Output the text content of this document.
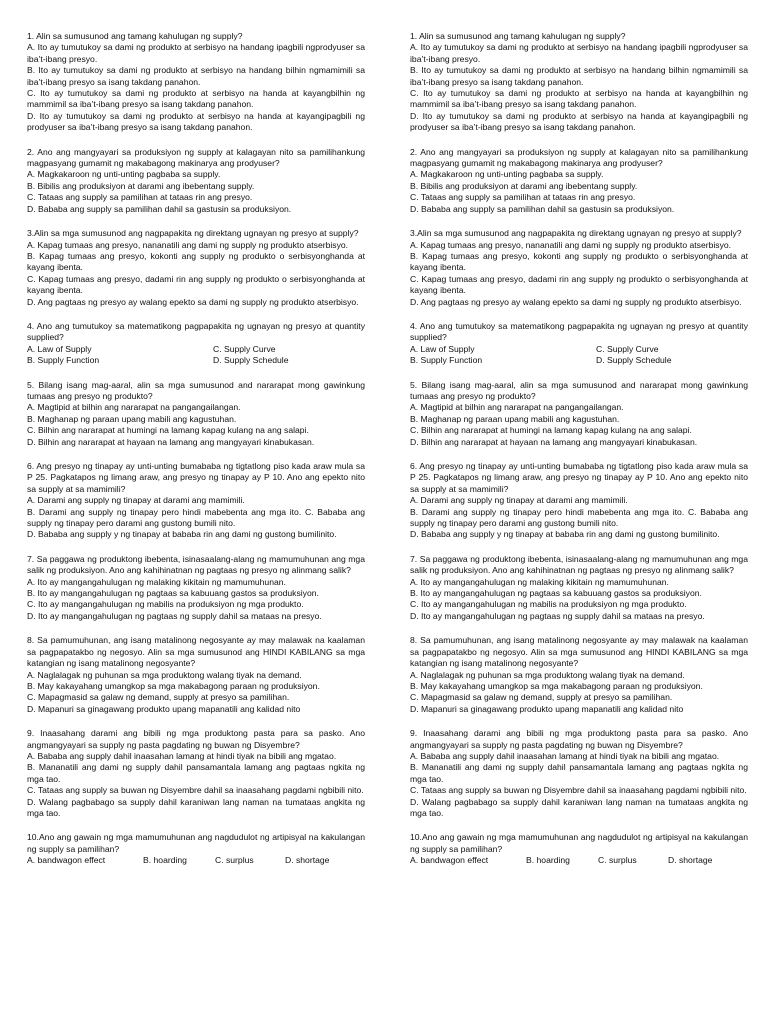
1. Alin sa sumusunod ang tamang kahulugan ng supply?

A. Ito ay tumutukoy sa dami ng produkto at serbisyo na handang ipagbili ngprodyuser sa iba’t-ibang presyo.

B. Ito ay tumutukoy sa dami ng produkto at serbisyo na handang bilhin ngmamimili sa iba’t-ibang presyo sa isang takdang panahon.

C. Ito ay tumutukoy sa dami ng produkto at serbisyo na handa at kayangbilhin ng mammimil sa iba’t-ibang presyo sa isang takdang panahon.

D. Ito ay tumutukoy sa dami ng produkto at serbisyo na handa at kayangipagbili ng prodyuser sa iba’t-ibang presyo sa isang takdang panahon.

2. Ano ang mangyayari sa produksiyon ng supply at kalagayan nito sa pamilihankung magpasyang gumamit ng makabagong makinarya ang prodyuser?

A. Magkakaroon ng unti-unting pagbaba sa supply.

B. Bibilis ang produksiyon at darami ang ibebentang supply.

C. Tataas ang supply sa pamilihan at tataas rin ang presyo.

D. Bababa ang supply sa pamilihan dahil sa gastusin sa produksiyon.

3.Alin sa mga sumusunod ang nagpapakita ng direktang ugnayan ng presyo at supply?

A. Kapag tumaas ang presyo, nananatili ang dami ng supply ng produkto atserbisyo.

B. Kapag tumaas ang presyo, kokonti ang supply ng produkto o serbisyonghanda at kayang ibenta.

C. Kapag tumaas ang presyo, dadami rin ang supply ng produkto o serbisyonghanda at kayang ibenta.

D. Ang pagtaas ng presyo ay walang epekto sa dami ng supply ng produkto atserbisyo.

4. Ano ang tumutukoy sa matematikong pagpapakita ng ugnayan ng presyo at quantity supplied?

A. Law of Supply	C. Supply Curve
B. Supply Function	D. Supply Schedule

5. Bilang isang mag-aaral, alin sa mga sumusunod and nararapat mong gawinkung tumaas ang presyo ng produkto?

A. Magtipid at bilhin ang nararapat na pangangailangan.

B. Maghanap ng paraan upang mabili ang kagustuhan.

C. Bilhin ang nararapat at humingi na lamang kapag kulang na ang salapi.

D. Bilhin ang nararapat at hayaan na lamang ang mangyayari kinabukasan.

6. Ang presyo ng tinapay ay unti-unting bumababa ng tigtatlong piso kada araw mula sa P 25. Pagkatapos ng limang araw, ang presyo ng tinapay ay P 10. Ano ang epekto nito sa supply at sa mamimili?

A. Darami ang supply ng tinapay at darami ang mamimili.

B. Darami ang supply ng tinapay pero hindi mabebenta ang mga ito. C. Bababa ang supply ng tinapay pero darami ang gustong bumili nito.

D. Bababa ang supply y ng tinapay at bababa rin ang dami ng gustong bumilinito.

7. Sa paggawa ng produktong ibebenta, isinasaalang-alang ng mamumuhunan ang mga salik ng produksiyon. Ano ang kahihinatnan ng pagtaas ng presyo ng alinmang salik?

A. Ito ay mangangahulugan ng malaking kikitain ng mamumuhunan.

B. Ito ay mangangahulugan ng pagtaas sa kabuuang gastos sa produksiyon.

C. Ito ay mangangahulugan ng mabilis na produksiyon ng mga produkto.

D. Ito ay mangangahulugan ng pagtaas ng supply dahil sa mataas na presyo.

8. Sa pamumuhunan, ang isang matalinong negosyante ay may malawak na kaalaman sa pagpapatakbo ng negosyo. Alin sa mga sumusunod ang HINDI KABILANG sa mga katangian ng isang matalinong negosyante?

A. Naglalagak ng puhunan sa mga produktong walang tiyak na demand.

B. May kakayahang umangkop sa mga makabagong paraan ng produksiyon.

C. Mapagmasid sa galaw ng demand, supply at presyo sa pamilihan.

D. Mapanuri sa ginagawang produkto upang mapanatili ang kalidad nito

9. Inaasahang darami ang bibili ng mga produktong pasta para sa pasko. Ano angmangyayari sa supply ng pasta pagdating ng buwan ng Disyembre?

A. Bababa ang supply dahil inaasahan lamang at hindi tiyak na bibili ang mgatao.

B. Mananatili ang dami ng supply dahil pansamantala lamang ang pagtaas ngkita ng mga tao.

C. Tataas ang supply sa buwan ng Disyembre dahil sa inaasahang pagdami ngbibili nito.

D. Walang pagbabago sa supply dahil karaniwan lang naman na tumataas angkita ng mga tao.

10.Ano ang gawain ng mga mamumuhunan ang nagdudulot ng artipisyal na kakulangan ng supply sa pamilihan?

A. bandwagon effect	B. hoarding	C. surplus	D. shortage

1. Alin sa sumusunod ang tamang kahulugan ng supply?

A. Ito ay tumutukoy sa dami ng produkto at serbisyo na handang ipagbili ngprodyuser sa iba’t-ibang presyo.

B. Ito ay tumutukoy sa dami ng produkto at serbisyo na handang bilhin ngmamimili sa iba’t-ibang presyo sa isang takdang panahon.

C. Ito ay tumutukoy sa dami ng produkto at serbisyo na handa at kayangbilhin ng mammimil sa iba’t-ibang presyo sa isang takdang panahon.

D. Ito ay tumutukoy sa dami ng produkto at serbisyo na handa at kayangipagbili ng prodyuser sa iba’t-ibang presyo sa isang takdang panahon.

2. Ano ang mangyayari sa produksiyon ng supply at kalagayan nito sa pamilihankung magpasyang gumamit ng makabagong makinarya ang prodyuser?

A. Magkakaroon ng unti-unting pagbaba sa supply.

B. Bibilis ang produksiyon at darami ang ibebentang supply.

C. Tataas ang supply sa pamilihan at tataas rin ang presyo.

D. Bababa ang supply sa pamilihan dahil sa gastusin sa produksiyon.

3.Alin sa mga sumusunod ang nagpapakita ng direktang ugnayan ng presyo at supply?

A. Kapag tumaas ang presyo, nananatili ang dami ng supply ng produkto atserbisyo.

B. Kapag tumaas ang presyo, kokonti ang supply ng produkto o serbisyonghanda at kayang ibenta.

C. Kapag tumaas ang presyo, dadami rin ang supply ng produkto o serbisyonghanda at kayang ibenta.

D. Ang pagtaas ng presyo ay walang epekto sa dami ng supply ng produkto atserbisyo.

4. Ano ang tumutukoy sa matematikong pagpapakita ng ugnayan ng presyo at quantity supplied?

A. Law of Supply	C. Supply Curve
B. Supply Function	D. Supply Schedule

5. Bilang isang mag-aaral, alin sa mga sumusunod and nararapat mong gawinkung tumaas ang presyo ng produkto?

A. Magtipid at bilhin ang nararapat na pangangailangan.

B. Maghanap ng paraan upang mabili ang kagustuhan.

C. Bilhin ang nararapat at humingi na lamang kapag kulang na ang salapi.

D. Bilhin ang nararapat at hayaan na lamang ang mangyayari kinabukasan.

6. Ang presyo ng tinapay ay unti-unting bumababa ng tigtatlong piso kada araw mula sa P 25. Pagkatapos ng limang araw, ang presyo ng tinapay ay P 10. Ano ang epekto nito sa supply at sa mamimili?

A. Darami ang supply ng tinapay at darami ang mamimili.

B. Darami ang supply ng tinapay pero hindi mabebenta ang mga ito. C. Bababa ang supply ng tinapay pero darami ang gustong bumili nito.

D. Bababa ang supply y ng tinapay at bababa rin ang dami ng gustong bumilinito.

7. Sa paggawa ng produktong ibebenta, isinasaalang-alang ng mamumuhunan ang mga salik ng produksiyon. Ano ang kahihinatnan ng pagtaas ng presyo ng alinmang salik?

A. Ito ay mangangahulugan ng malaking kikitain ng mamumuhunan.

B. Ito ay mangangahulugan ng pagtaas sa kabuuang gastos sa produksiyon.

C. Ito ay mangangahulugan ng mabilis na produksiyon ng mga produkto.

D. Ito ay mangangahulugan ng pagtaas ng supply dahil sa mataas na presyo.

8. Sa pamumuhunan, ang isang matalinong negosyante ay may malawak na kaalaman sa pagpapatakbo ng negosyo. Alin sa mga sumusunod ang HINDI KABILANG sa mga katangian ng isang matalinong negosyante?

A. Naglalagak ng puhunan sa mga produktong walang tiyak na demand.

B. May kakayahang umangkop sa mga makabagong paraan ng produksiyon.

C. Mapagmasid sa galaw ng demand, supply at presyo sa pamilihan.

D. Mapanuri sa ginagawang produkto upang mapanatili ang kalidad nito

9. Inaasahang darami ang bibili ng mga produktong pasta para sa pasko. Ano angmangyayari sa supply ng pasta pagdating ng buwan ng Disyembre?

A. Bababa ang supply dahil inaasahan lamang at hindi tiyak na bibili ang mgatao.

B. Mananatili ang dami ng supply dahil pansamantala lamang ang pagtaas ngkita ng mga tao.

C. Tataas ang supply sa buwan ng Disyembre dahil sa inaasahang pagdami ngbibili nito.

D. Walang pagbabago sa supply dahil karaniwan lang naman na tumataas angkita ng mga tao.

10.Ano ang gawain ng mga mamumuhunan ang nagdudulot ng artipisyal na kakulangan ng supply sa pamilihan?

A. bandwagon effect	B. hoarding	C. surplus	D. shortage
